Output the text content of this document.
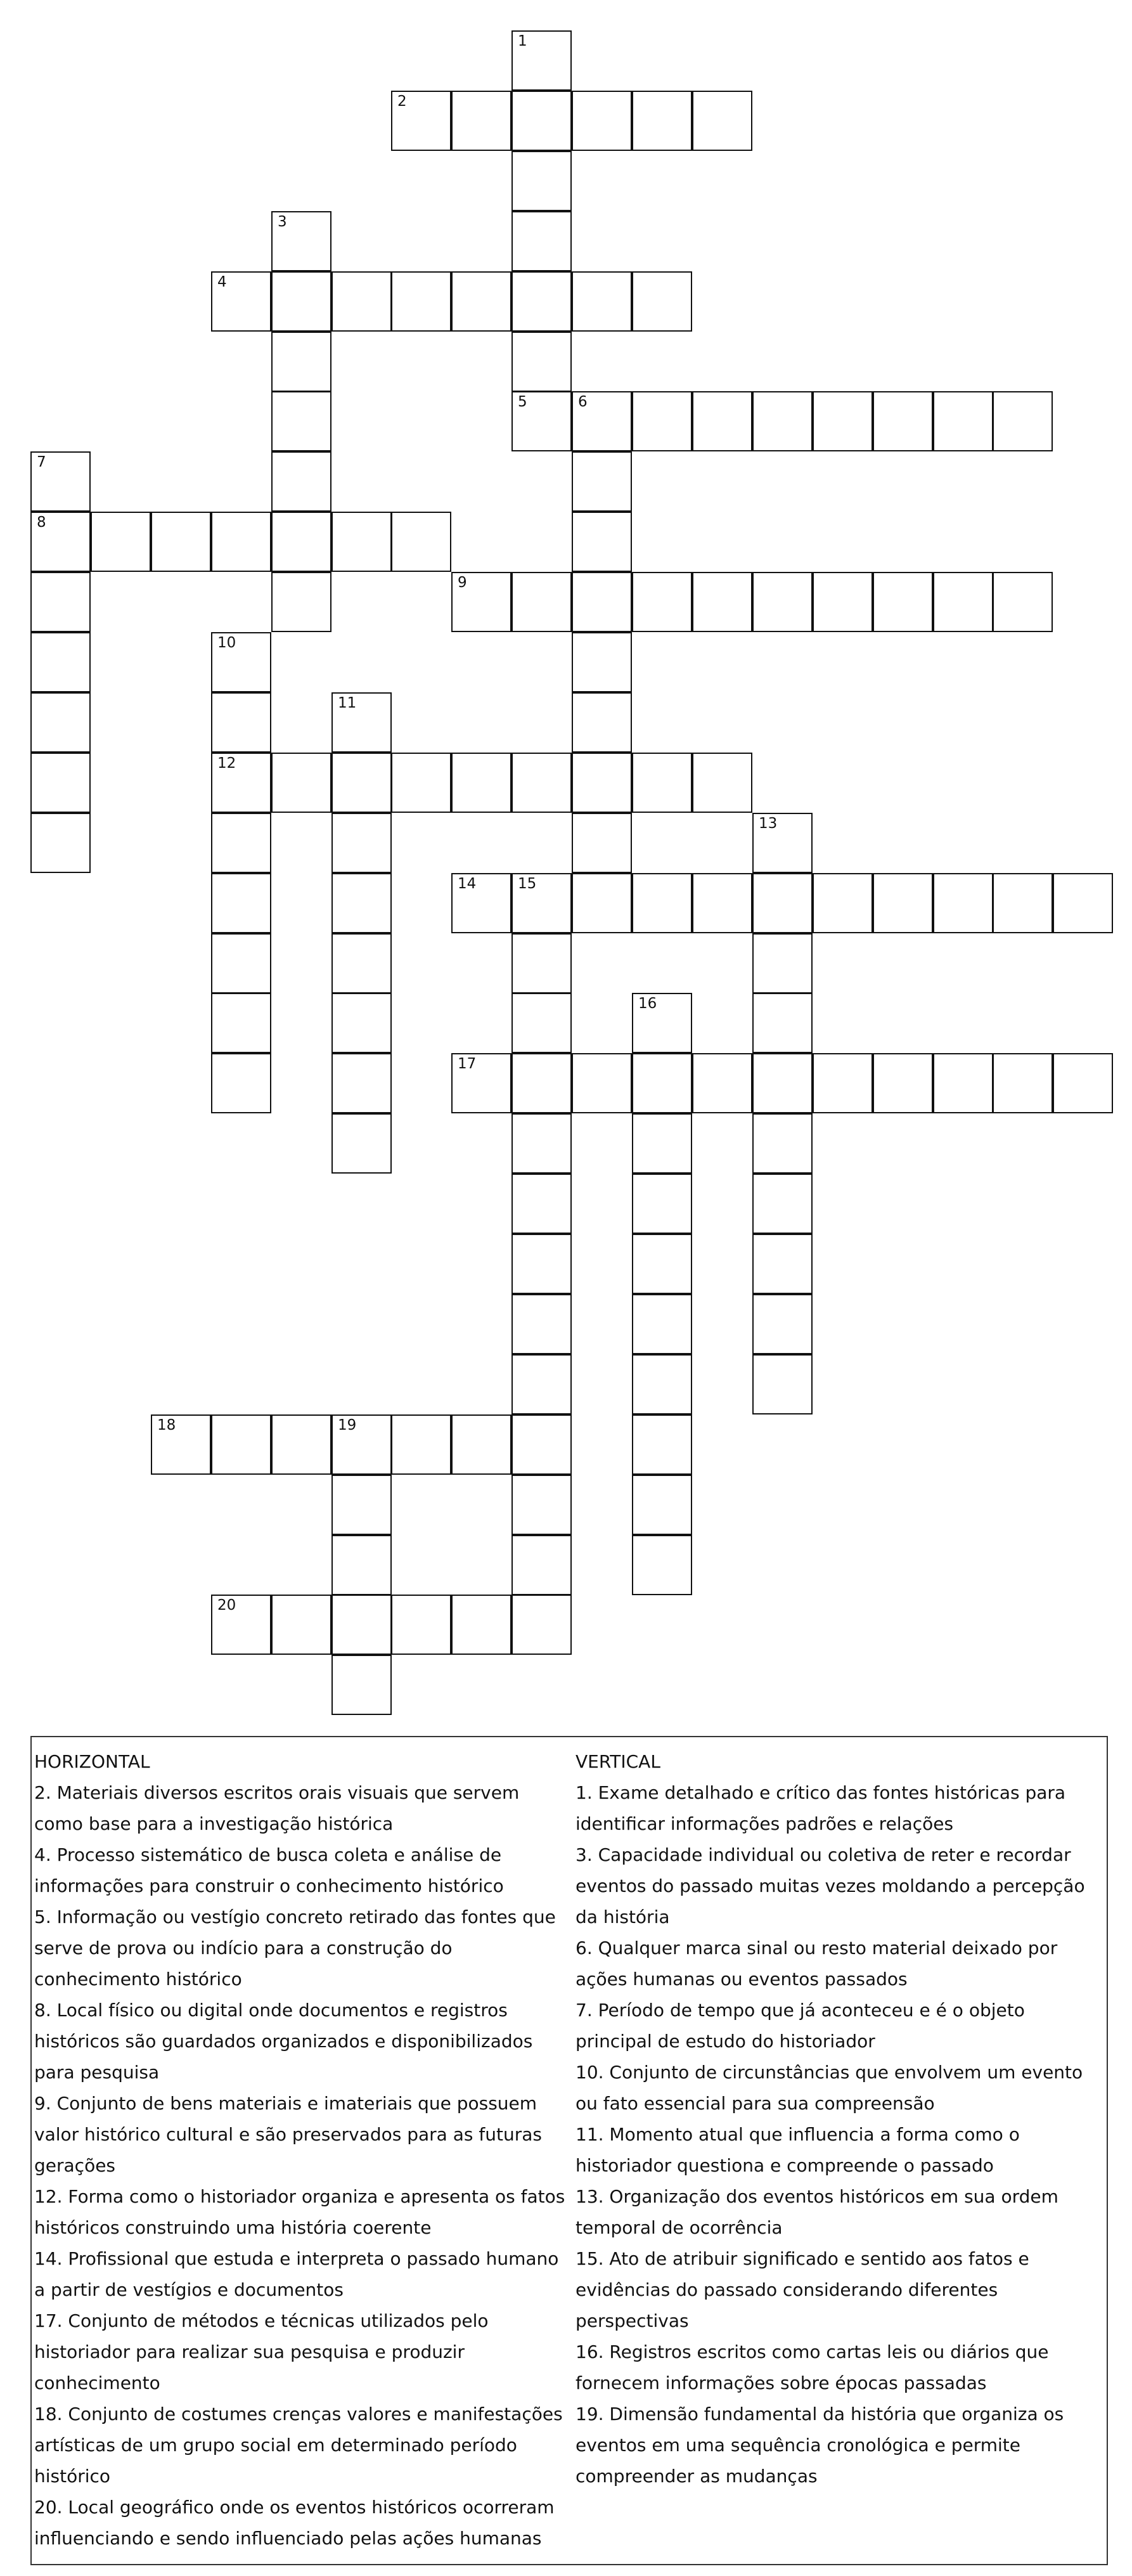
1
2
3
4
5	6
7
8
9
10
12
11
13
14	15
16
17
18	19
20

HORIZONTAL

2. Materiais diversos escritos orais visuais que servem como base para a investigação histórica

4. Processo sistemático de busca coleta e análise de informações para construir o conhecimento histórico

5. Informação ou vestígio concreto retirado das fontes que serve de prova ou indício para a construção do conhecimento histórico

8. Local físico ou digital onde documentos e registros históricos são guardados organizados e disponibilizados para pesquisa

9. Conjunto de bens materiais e imateriais que possuem valor histórico cultural e são preservados para as futuras gerações

12. Forma como o historiador organiza e apresenta os fatos históricos construindo uma história coerente

14. Profissional que estuda e interpreta o passado humano a partir de vestígios e documentos

17. Conjunto de métodos e técnicas utilizados pelo historiador para realizar sua pesquisa e produzir conhecimento

18. Conjunto de costumes crenças valores e manifestações artísticas de um grupo social em determinado período histórico

20. Local geográfico onde os eventos históricos ocorreram influenciando e sendo influenciado pelas ações humanas

VERTICAL

1. Exame detalhado e crítico das fontes históricas para identificar informações padrões e relações

3. Capacidade individual ou coletiva de reter e recordar eventos do passado muitas vezes moldando a percepção da história

6. Qualquer marca sinal ou resto material deixado por ações humanas ou eventos passados

7. Período de tempo que já aconteceu e é o objeto principal de estudo do historiador

10. Conjunto de circunstâncias que envolvem um evento ou fato essencial para sua compreensão

11. Momento atual que influencia a forma como o historiador questiona e compreende o passado

13. Organização dos eventos históricos em sua ordem temporal de ocorrência

15. Ato de atribuir significado e sentido aos fatos e evidências do passado considerando diferentes perspectivas

16. Registros escritos como cartas leis ou diários que fornecem informações sobre épocas passadas

19. Dimensão fundamental da história que organiza os eventos em uma sequência cronológica e permite compreender as mudanças
